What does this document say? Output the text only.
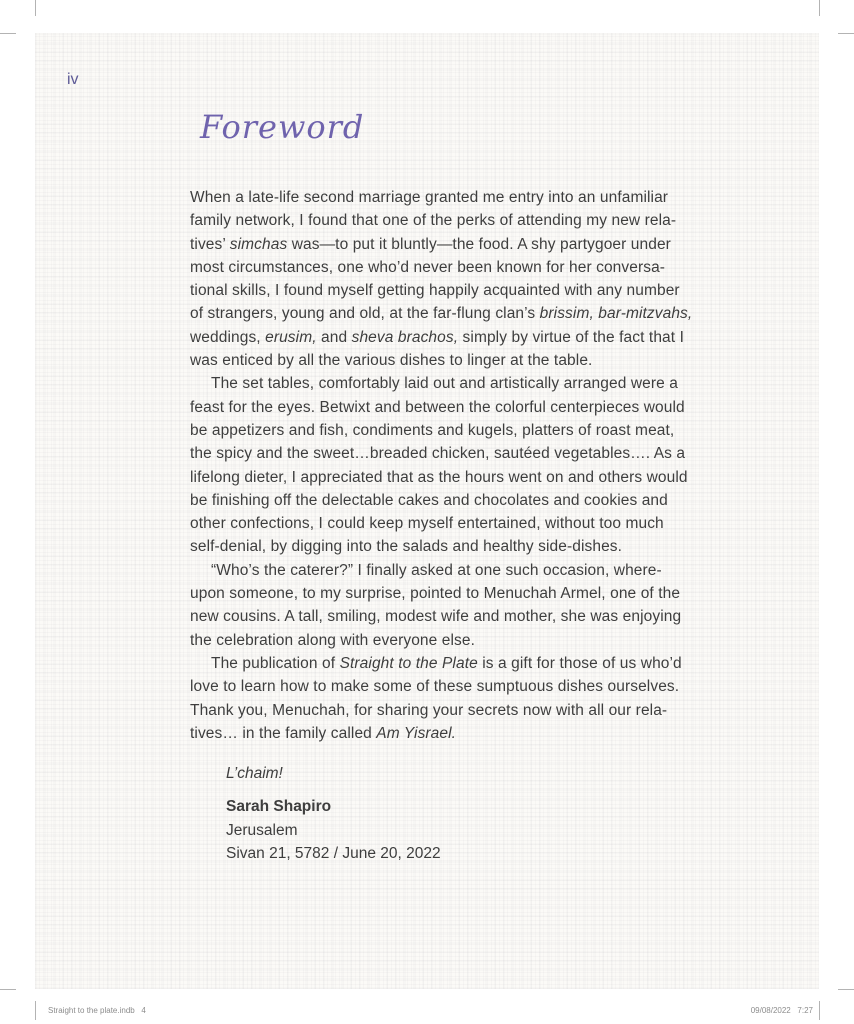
iv
Foreword
When a late-life second marriage granted me entry into an unfamiliar
family network, I found that one of the perks of attending my new rela-
tives’ simchas was—to put it bluntly—the food. A shy partygoer under
most circumstances, one who’d never been known for her conversa-
tional skills, I found myself getting happily acquainted with any number
of strangers, young and old, at the far-flung clan’s brissim, bar-mitzvahs,
weddings, erusim, and sheva brachos, simply by virtue of the fact that I
was enticed by all the various dishes to linger at the table.
The set tables, comfortably laid out and artistically arranged were a
feast for the eyes. Betwixt and between the colorful centerpieces would
be appetizers and fish, condiments and kugels, platters of roast meat,
the spicy and the sweet…breaded chicken, sautéed vegetables…. As a
lifelong dieter, I appreciated that as the hours went on and others would
be finishing off the delectable cakes and chocolates and cookies and
other confections, I could keep myself entertained, without too much
self-denial, by digging into the salads and healthy side-dishes.
“Who’s the caterer?” I finally asked at one such occasion, where-
upon someone, to my surprise, pointed to Menuchah Armel, one of the
new cousins. A tall, smiling, modest wife and mother, she was enjoying
the celebration along with everyone else.
The publication of Straight to the Plate is a gift for those of us who’d
love to learn how to make some of these sumptuous dishes ourselves.
Thank you, Menuchah, for sharing your secrets now with all our rela-
tives… in the family called Am Yisrael.
L’chaim!
Sarah Shapiro
Jerusalem
Sivan 21, 5782 / June 20, 2022
Straight to the plate.indb   4	09/08/2022   7:27
